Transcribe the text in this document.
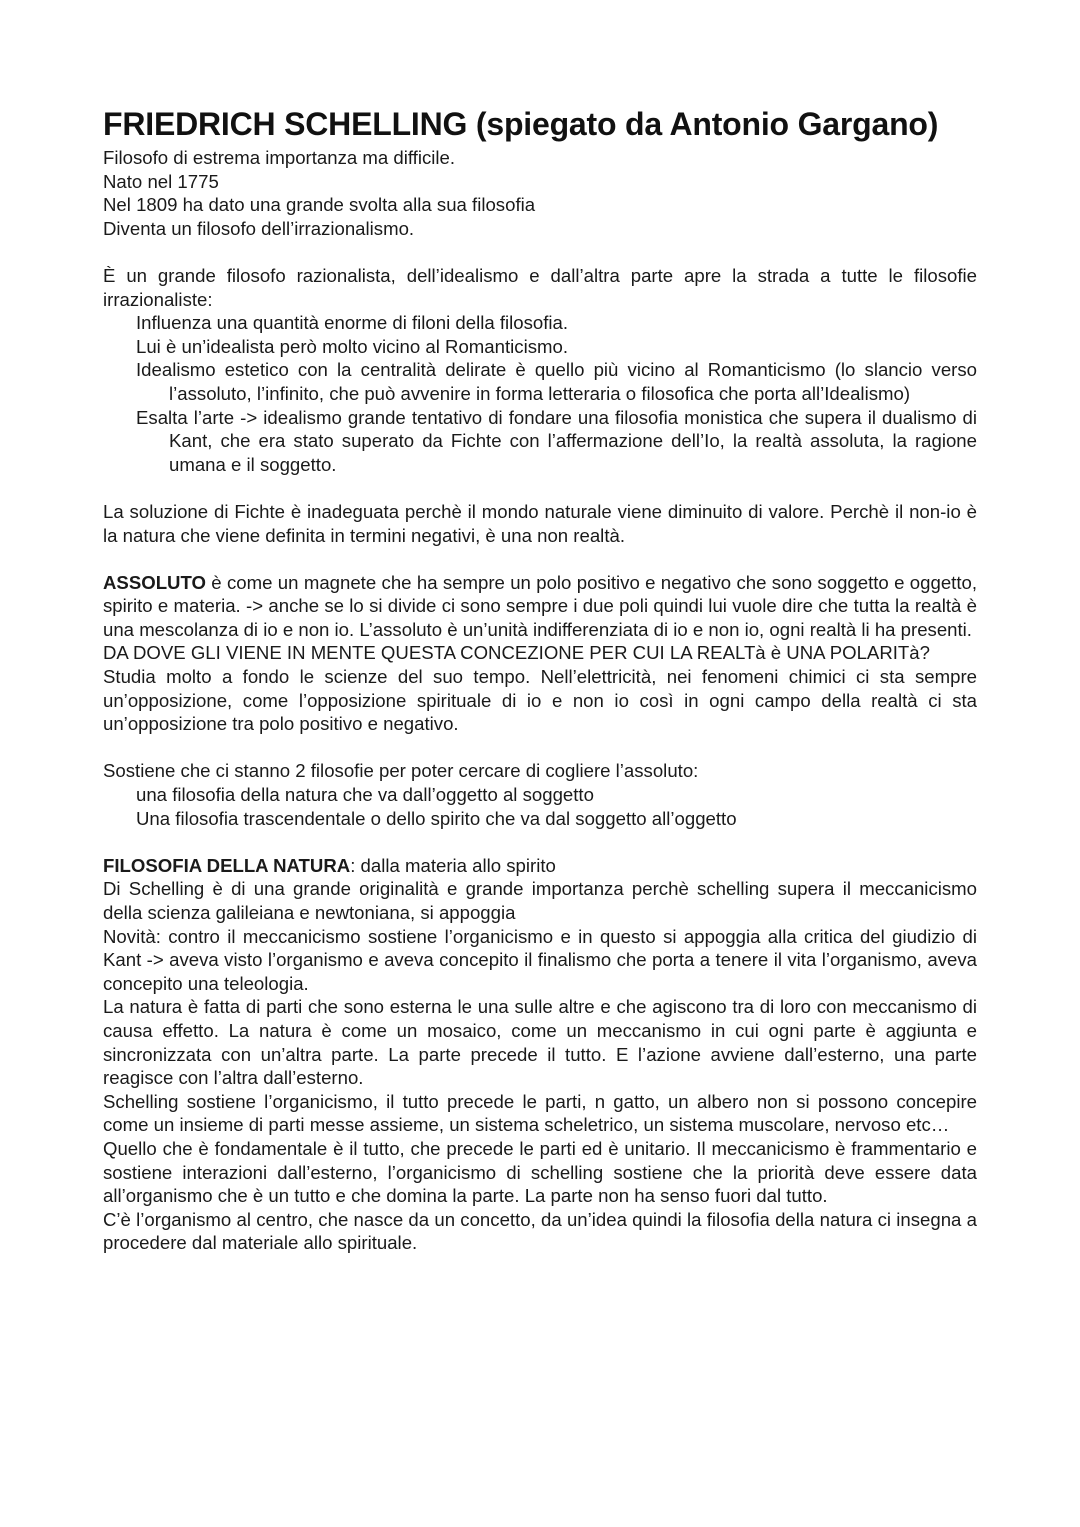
FRIEDRICH SCHELLING (spiegato da Antonio Gargano)

Filosofo di estrema importanza ma difficile.

Nato nel 1775

Nel 1809 ha dato una grande svolta alla sua filosofia

Diventa un filosofo dell’irrazionalismo.

È un grande filosofo razionalista, dell’idealismo e dall’altra parte apre la strada a tutte le filosofie irrazionaliste:

Influenza una quantità enorme di filoni della filosofia.
Lui è un’idealista però molto vicino al Romanticismo.
Idealismo estetico con la centralità delirate è quello più vicino al Romanticismo (lo slancio verso l’assoluto, l’infinito, che può avvenire in forma letteraria o filosofica che porta all’Idealismo)
Esalta l’arte -> idealismo grande tentativo di fondare una filosofia monistica che supera il dualismo di Kant, che era stato superato da Fichte con l’affermazione dell’Io, la realtà assoluta, la ragione umana e il soggetto.

La soluzione di Fichte è inadeguata perchè il mondo naturale viene diminuito di valore. Perchè il non-io è la natura che viene definita in termini negativi, è una non realtà.

ASSOLUTO è come un magnete che ha sempre un polo positivo e negativo che sono soggetto e oggetto, spirito e materia. -> anche se lo si divide ci sono sempre i due poli quindi lui vuole dire che tutta la realtà è una mescolanza di io e non io. L’assoluto è un’unità indifferenziata di io e non io, ogni realtà li ha presenti.

DA DOVE GLI VIENE IN MENTE QUESTA CONCEZIONE PER CUI LA REALTà è UNA POLARITà?

Studia molto a fondo le scienze del suo tempo. Nell’elettricità, nei fenomeni chimici ci sta sempre un’opposizione, come l’opposizione spirituale di io e non io così in ogni campo della realtà ci sta un’opposizione tra polo positivo e negativo.

Sostiene che ci stanno 2 filosofie per poter cercare di cogliere l’assoluto:

una filosofia della natura che va dall’oggetto al soggetto
Una filosofia trascendentale o dello spirito che va dal soggetto all’oggetto

FILOSOFIA DELLA NATURA: dalla materia allo spirito

Di Schelling è di una grande originalità e grande importanza perchè schelling supera il meccanicismo della scienza galileiana e newtoniana, si appoggia

Novità: contro il meccanicismo sostiene l’organicismo e in questo si appoggia alla critica del giudizio di Kant -> aveva visto l’organismo e aveva concepito il finalismo che porta a tenere il vita l’organismo, aveva concepito una teleologia.

La natura è fatta di parti che sono esterna le una sulle altre e che agiscono tra di loro con meccanismo di causa effetto. La natura è come un mosaico, come un meccanismo in cui ogni parte è aggiunta e sincronizzata con un’altra parte. La parte precede il tutto. E l’azione avviene dall’esterno, una parte reagisce con l’altra dall’esterno.

Schelling sostiene l’organicismo, il tutto precede le parti, n gatto, un albero non si possono concepire come un insieme di parti messe assieme, un sistema scheletrico, un sistema muscolare, nervoso etc…

Quello che è fondamentale è il tutto, che precede le parti ed è unitario. Il meccanicismo è frammentario e sostiene interazioni dall’esterno, l’organicismo di schelling sostiene che la priorità deve essere data all’organismo che è un tutto e che domina la parte. La parte non ha senso fuori dal tutto.

C’è l’organismo al centro, che nasce da un concetto, da un’idea quindi la filosofia della natura ci insegna a procedere dal materiale allo spirituale.
